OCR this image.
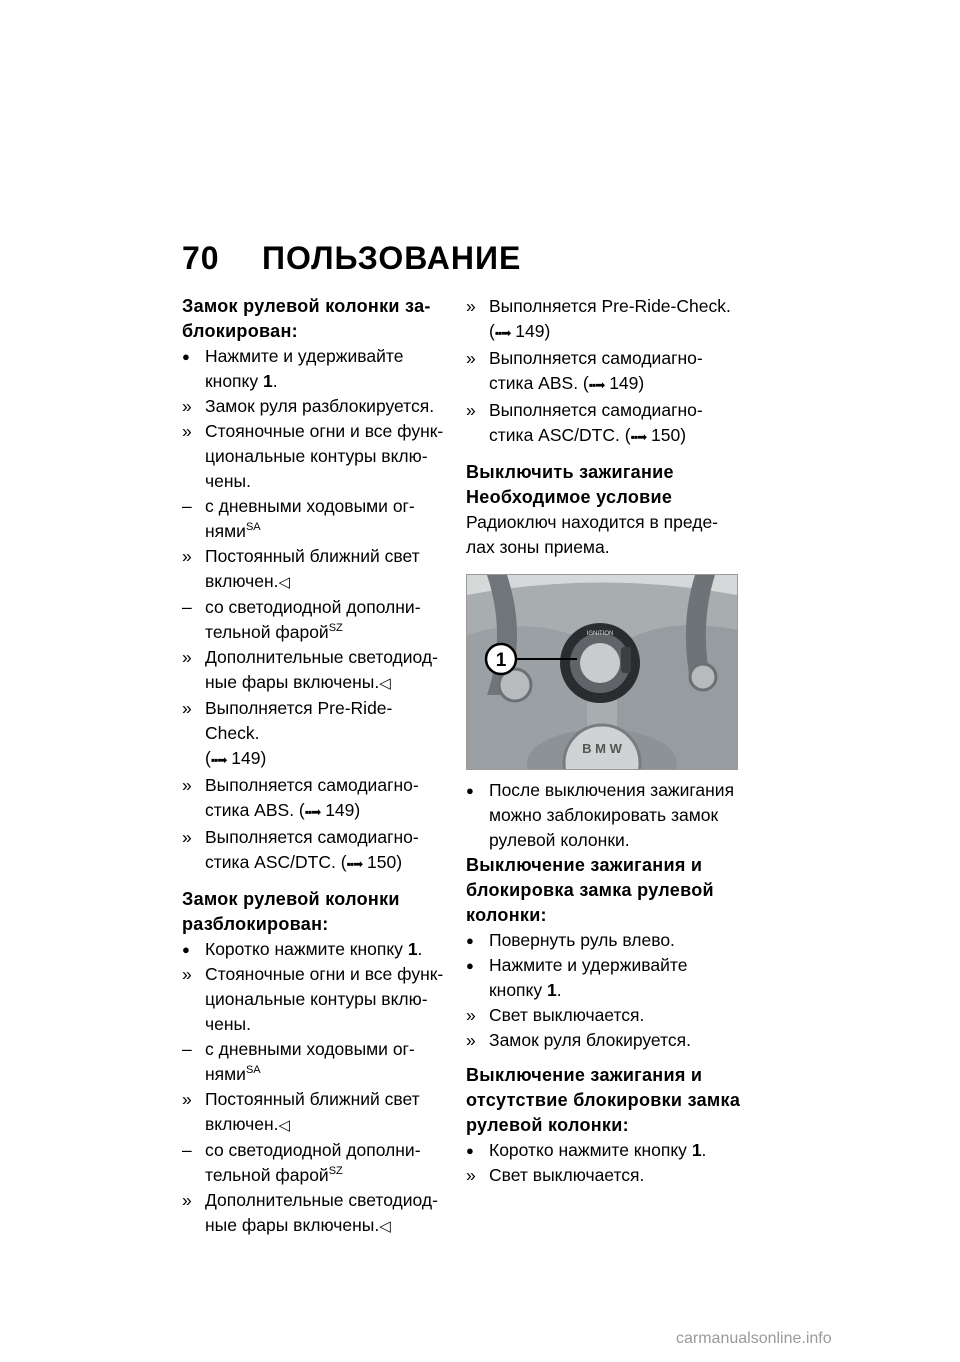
70 ПОЛЬЗОВАНИЕ
Замок рулевой колонки за-блокирован:
● Нажмите и удерживайте
кнопку 1.
» Замок руля разблокируется.
» Стояночные огни и все функ-циональные контуры вклю-чены.
– с дневными ходовыми ог-нями$^{SA}$
» Постоянный ближний свет
включен.◁
– со светодиодной дополни-тельной фарой$^{SZ}$
» Дополнительные светодиод-ные фары включены.◁
» Выполняется Pre-Ride-Check.
(▪▪➡ 149)
» Выполняется самодиагно-
стика ABS. (▪▪➡ 149)
» Выполняется самодиагно-
стика ASC/DTC. (▪▪➡ 150)
Замок рулевой колонки разблокирован:
● Коротко нажмите кнопку 1.
» Стояночные огни и все функ-циональные контуры вклю-чены.
– с дневными ходовыми ог-нями$^{SA}$
» Постоянный ближний свет
включен.◁
– со светодиодной дополни-тельной фарой$^{SZ}$
» Дополнительные светодиод-ные фары включены.◁
» Выполняется Pre-Ride-Check.
(▪▪➡ 149)
» Выполняется самодиагно-
стика ABS. (▪▪➡ 149)
» Выполняется самодиагно-
стика ASC/DTC. (▪▪➡ 150)
Выключить зажигание
Необходимое условие
Радиоключ находится в преде-лах зоны приема.
B M W
IGNITION
1
● После выключения зажигания можно заблокировать замок рулевой колонки.
Выключение зажигания и блокировка замка рулевой колонки:
● Повернуть руль влево.
● Нажмите и удерживайте
кнопку 1.
» Свет выключается.
» Замок руля блокируется.
Выключение зажигания и отсутствие блокировки замка рулевой колонки:
● Коротко нажмите кнопку 1.
» Свет выключается.
carmanualsonline.info
